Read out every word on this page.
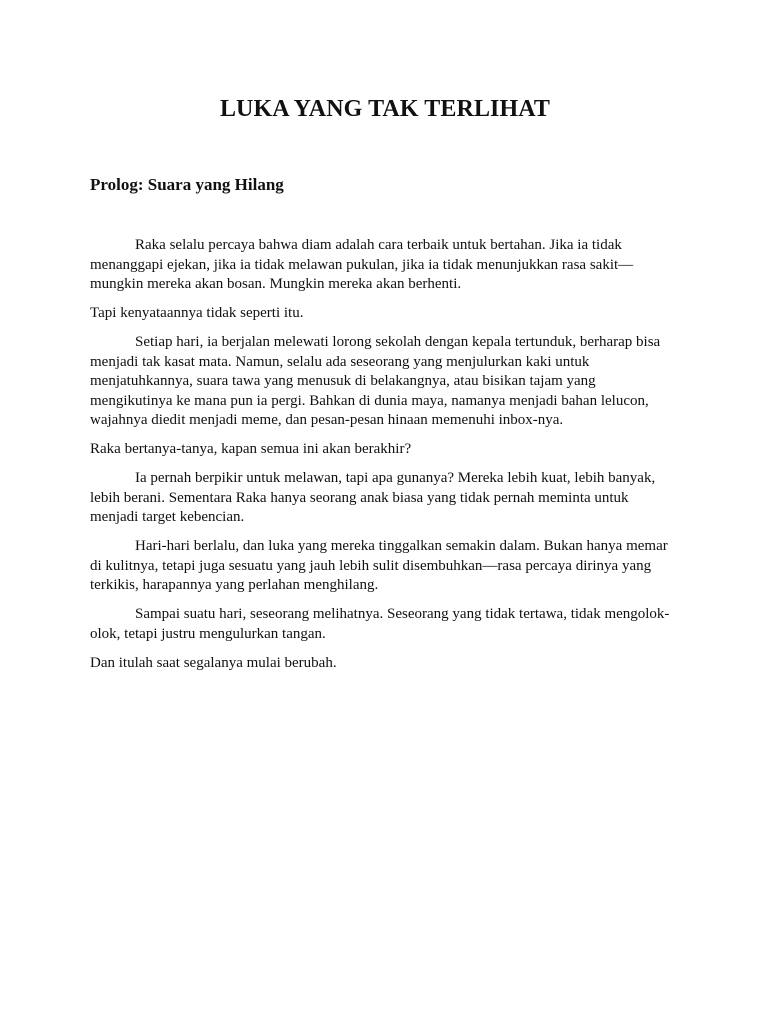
LUKA YANG TAK TERLIHAT
Prolog: Suara yang Hilang

Raka selalu percaya bahwa diam adalah cara terbaik untuk bertahan. Jika ia tidak menanggapi ejekan, jika ia tidak melawan pukulan, jika ia tidak menunjukkan rasa sakit—mungkin mereka akan bosan. Mungkin mereka akan berhenti.

Tapi kenyataannya tidak seperti itu.

Setiap hari, ia berjalan melewati lorong sekolah dengan kepala tertunduk, berharap bisa menjadi tak kasat mata. Namun, selalu ada seseorang yang menjulurkan kaki untuk menjatuhkannya, suara tawa yang menusuk di belakangnya, atau bisikan tajam yang mengikutinya ke mana pun ia pergi. Bahkan di dunia maya, namanya menjadi bahan lelucon, wajahnya diedit menjadi meme, dan pesan-pesan hinaan memenuhi inbox-nya.

Raka bertanya-tanya, kapan semua ini akan berakhir?

Ia pernah berpikir untuk melawan, tapi apa gunanya? Mereka lebih kuat, lebih banyak, lebih berani. Sementara Raka hanya seorang anak biasa yang tidak pernah meminta untuk menjadi target kebencian.

Hari-hari berlalu, dan luka yang mereka tinggalkan semakin dalam. Bukan hanya memar di kulitnya, tetapi juga sesuatu yang jauh lebih sulit disembuhkan—rasa percaya dirinya yang terkikis, harapannya yang perlahan menghilang.

Sampai suatu hari, seseorang melihatnya. Seseorang yang tidak tertawa, tidak mengolok-olok, tetapi justru mengulurkan tangan.

Dan itulah saat segalanya mulai berubah.
